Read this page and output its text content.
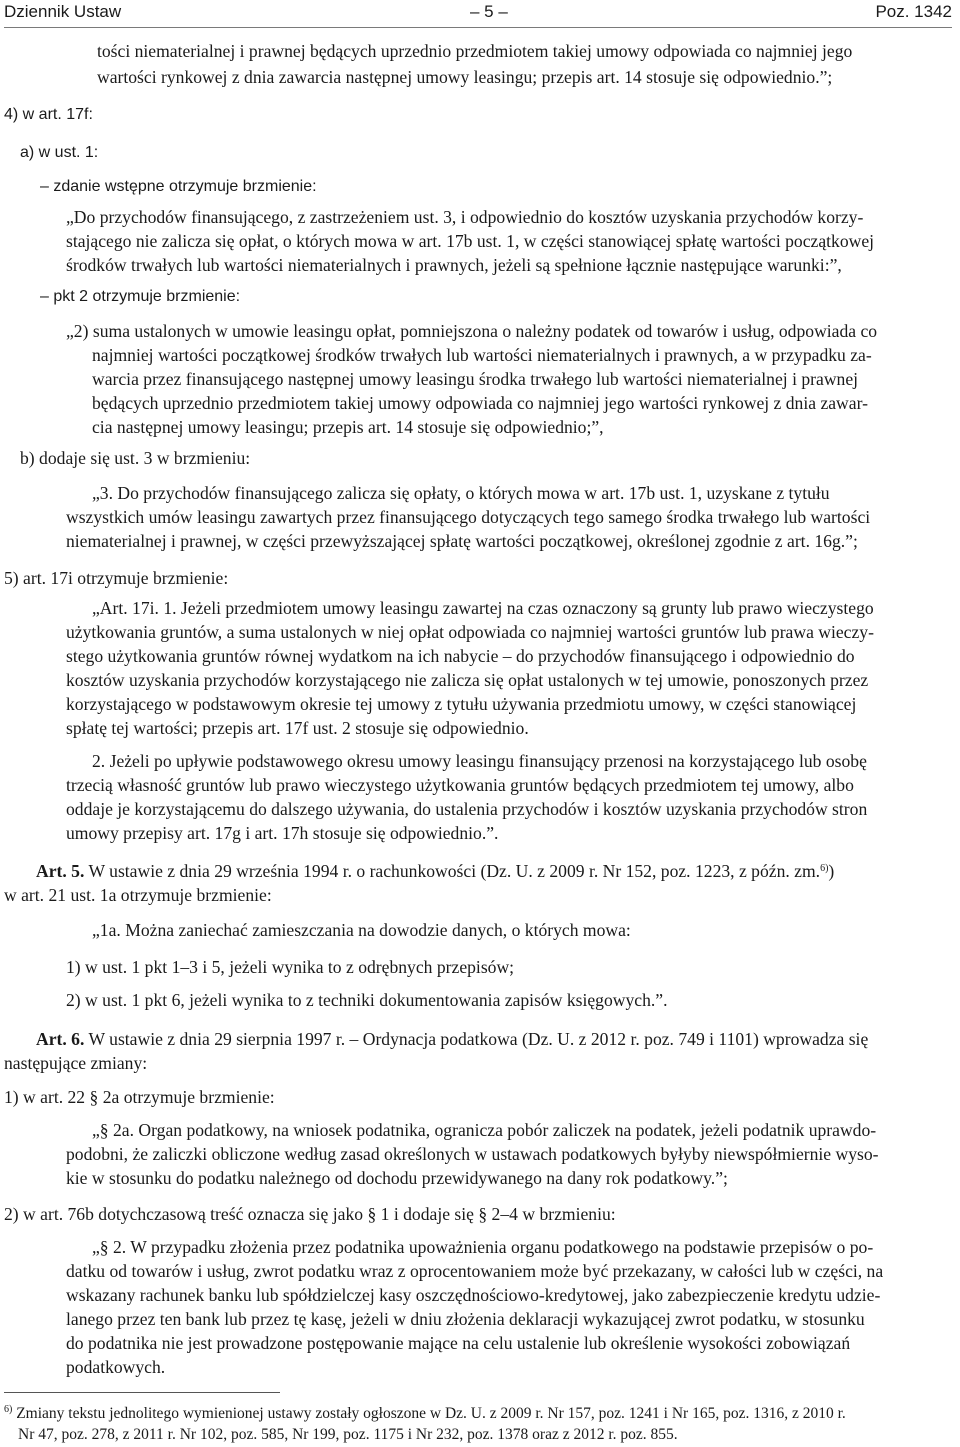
Dziennik Ustaw	– 5 –	Poz. 1342
tości niematerialnej i prawnej będących uprzednio przedmiotem takiej umowy odpowiada co najmniej jego
wartości rynkowej z dnia zawarcia następnej umowy leasingu; przepis art. 14 stosuje się odpowiednio.”;
4) w art. 17f:
a) w ust. 1:
– zdanie wstępne otrzymuje brzmienie:
„Do przychodów finansującego, z zastrzeżeniem ust. 3, i odpowiednio do kosztów uzyskania przychodów korzy-
stającego nie zalicza się opłat, o których mowa w art. 17b ust. 1, w części stanowiącej spłatę wartości początkowej
środków trwałych lub wartości niematerialnych i prawnych, jeżeli są spełnione łącznie następujące warunki:”,
– pkt 2 otrzymuje brzmienie:
„2) suma ustalonych w umowie leasingu opłat, pomniejszona o należny podatek od towarów i usług, odpowiada co
najmniej wartości początkowej środków trwałych lub wartości niematerialnych i prawnych, a w przypadku za-
warcia przez finansującego następnej umowy leasingu środka trwałego lub wartości niematerialnej i prawnej
będących uprzednio przedmiotem takiej umowy odpowiada co najmniej jego wartości rynkowej z dnia zawar-
cia następnej umowy leasingu; przepis art. 14 stosuje się odpowiednio;”,
b) dodaje się ust. 3 w brzmieniu:
„3. Do przychodów finansującego zalicza się opłaty, o których mowa w art. 17b ust. 1, uzyskane z tytułu
wszystkich umów leasingu zawartych przez finansującego dotyczących tego samego środka trwałego lub wartości
niematerialnej i prawnej, w części przewyższającej spłatę wartości początkowej, określonej zgodnie z art. 16g.”;
5) art. 17i otrzymuje brzmienie:
„Art. 17i. 1. Jeżeli przedmiotem umowy leasingu zawartej na czas oznaczony są grunty lub prawo wieczystego
użytkowania gruntów, a suma ustalonych w niej opłat odpowiada co najmniej wartości gruntów lub prawa wieczy-
stego użytkowania gruntów równej wydatkom na ich nabycie – do przychodów finansującego i odpowiednio do
kosztów uzyskania przychodów korzystającego nie zalicza się opłat ustalonych w tej umowie, ponoszonych przez
korzystającego w podstawowym okresie tej umowy z tytułu używania przedmiotu umowy, w części stanowiącej
spłatę tej wartości; przepis art. 17f ust. 2 stosuje się odpowiednio.
2. Jeżeli po upływie podstawowego okresu umowy leasingu finansujący przenosi na korzystającego lub osobę
trzecią własność gruntów lub prawo wieczystego użytkowania gruntów będących przedmiotem tej umowy, albo
oddaje je korzystającemu do dalszego używania, do ustalenia przychodów i kosztów uzyskania przychodów stron
umowy przepisy art. 17g i art. 17h stosuje się odpowiednio.”.
Art. 5. W ustawie z dnia 29 września 1994 r. o rachunkowości (Dz. U. z 2009 r. Nr 152, poz. 1223, z późn. zm.$^{6)}$)
w art. 21 ust. 1a otrzymuje brzmienie:
„1a. Można zaniechać zamieszczania na dowodzie danych, o których mowa:
1) w ust. 1 pkt 1–3 i 5, jeżeli wynika to z odrębnych przepisów;
2) w ust. 1 pkt 6, jeżeli wynika to z techniki dokumentowania zapisów księgowych.”.
Art. 6. W ustawie z dnia 29 sierpnia 1997 r. – Ordynacja podatkowa (Dz. U. z 2012 r. poz. 749 i 1101) wprowadza się
następujące zmiany:
1) w art. 22 § 2a otrzymuje brzmienie:
„§ 2a. Organ podatkowy, na wniosek podatnika, ogranicza pobór zaliczek na podatek, jeżeli podatnik uprawdo-
podobni, że zaliczki obliczone według zasad określonych w ustawach podatkowych byłyby niewspółmiernie wyso-
kie w stosunku do podatku należnego od dochodu przewidywanego na dany rok podatkowy.”;
2) w art. 76b dotychczasową treść oznacza się jako § 1 i dodaje się § 2–4 w brzmieniu:
„§ 2. W przypadku złożenia przez podatnika upoważnienia organu podatkowego na podstawie przepisów o po-
datku od towarów i usług, zwrot podatku wraz z oprocentowaniem może być przekazany, w całości lub w części, na
wskazany rachunek banku lub spółdzielczej kasy oszczędnościowo-kredytowej, jako zabezpieczenie kredytu udzie-
lanego przez ten bank lub przez tę kasę, jeżeli w dniu złożenia deklaracji wykazującej zwrot podatku, w stosunku
do podatnika nie jest prowadzone postępowanie mające na celu ustalenie lub określenie wysokości zobowiązań
podatkowych.
$^{6)}$ Zmiany tekstu jednolitego wymienionej ustawy zostały ogłoszone w Dz. U. z 2009 r. Nr 157, poz. 1241 i Nr 165, poz. 1316, z 2010 r.
Nr 47, poz. 278, z 2011 r. Nr 102, poz. 585, Nr 199, poz. 1175 i Nr 232, poz. 1378 oraz z 2012 r. poz. 855.
